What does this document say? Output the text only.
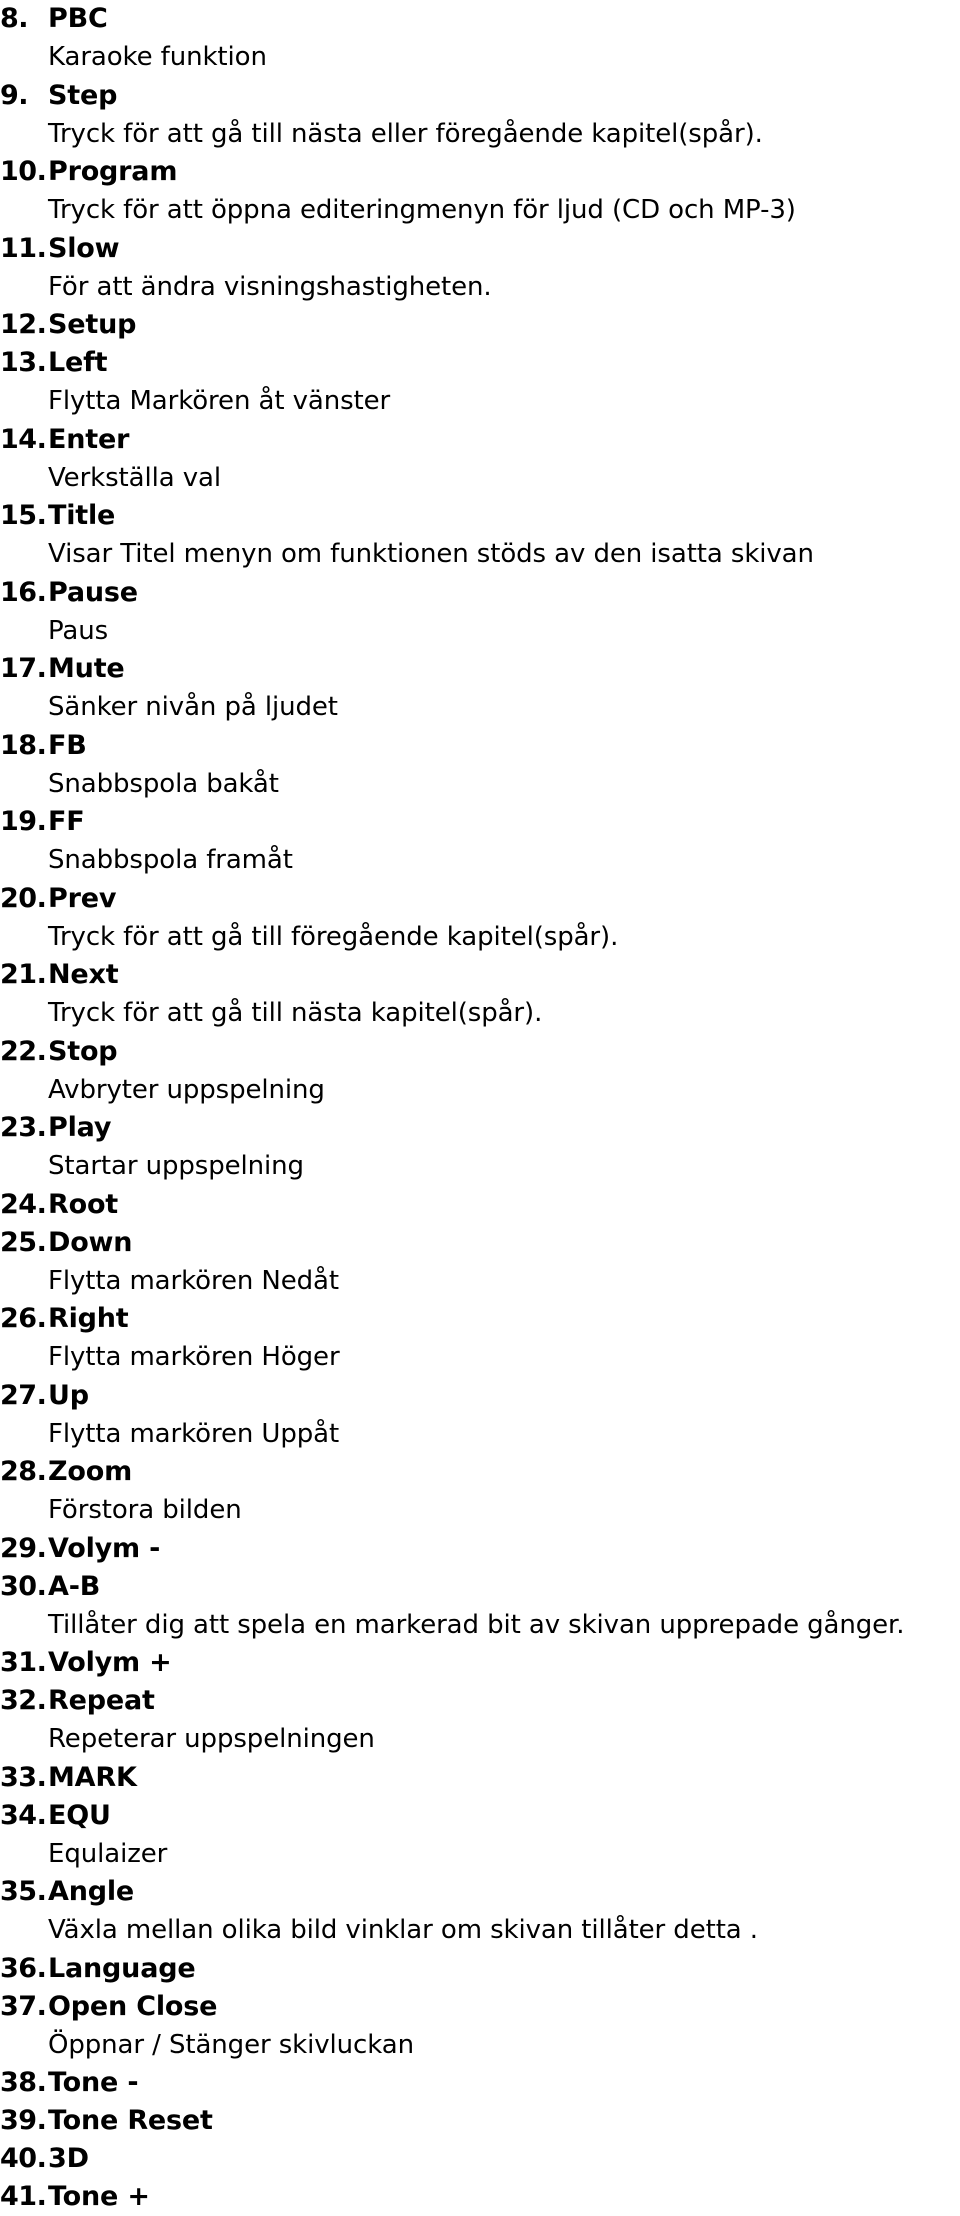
8. PBC
Karaoke funktion
9. Step
Tryck för att gå till nästa eller föregående kapitel(spår).
10. Program
Tryck för att öppna editeringmenyn för ljud (CD och MP-3)
11. Slow
För att ändra visningshastigheten.
12. Setup
13. Left
Flytta Markören åt vänster
14. Enter
Verkställa val
15. Title
Visar Titel menyn om funktionen stöds av den isatta skivan
16. Pause
Paus
17. Mute
Sänker nivån på ljudet
18. FB
Snabbspola bakåt
19. FF
Snabbspola framåt
20. Prev
Tryck för att gå till föregående kapitel(spår).
21. Next
Tryck för att gå till nästa kapitel(spår).
22. Stop
Avbryter uppspelning
23. Play
Startar uppspelning
24. Root
25. Down
Flytta markören Nedåt
26. Right
Flytta markören Höger
27. Up
Flytta markören Uppåt
28. Zoom
Förstora bilden
29. Volym -
30. A-B
Tillåter dig att spela en markerad bit av skivan upprepade gånger.
31. Volym +
32. Repeat
Repeterar uppspelningen
33. MARK
34. EQU
Equlaizer
35. Angle
Växla mellan olika bild vinklar om skivan tillåter detta .
36. Language
37. Open Close
Öppnar / Stänger skivluckan
38. Tone -
39. Tone Reset
40. 3D
41. Tone +
